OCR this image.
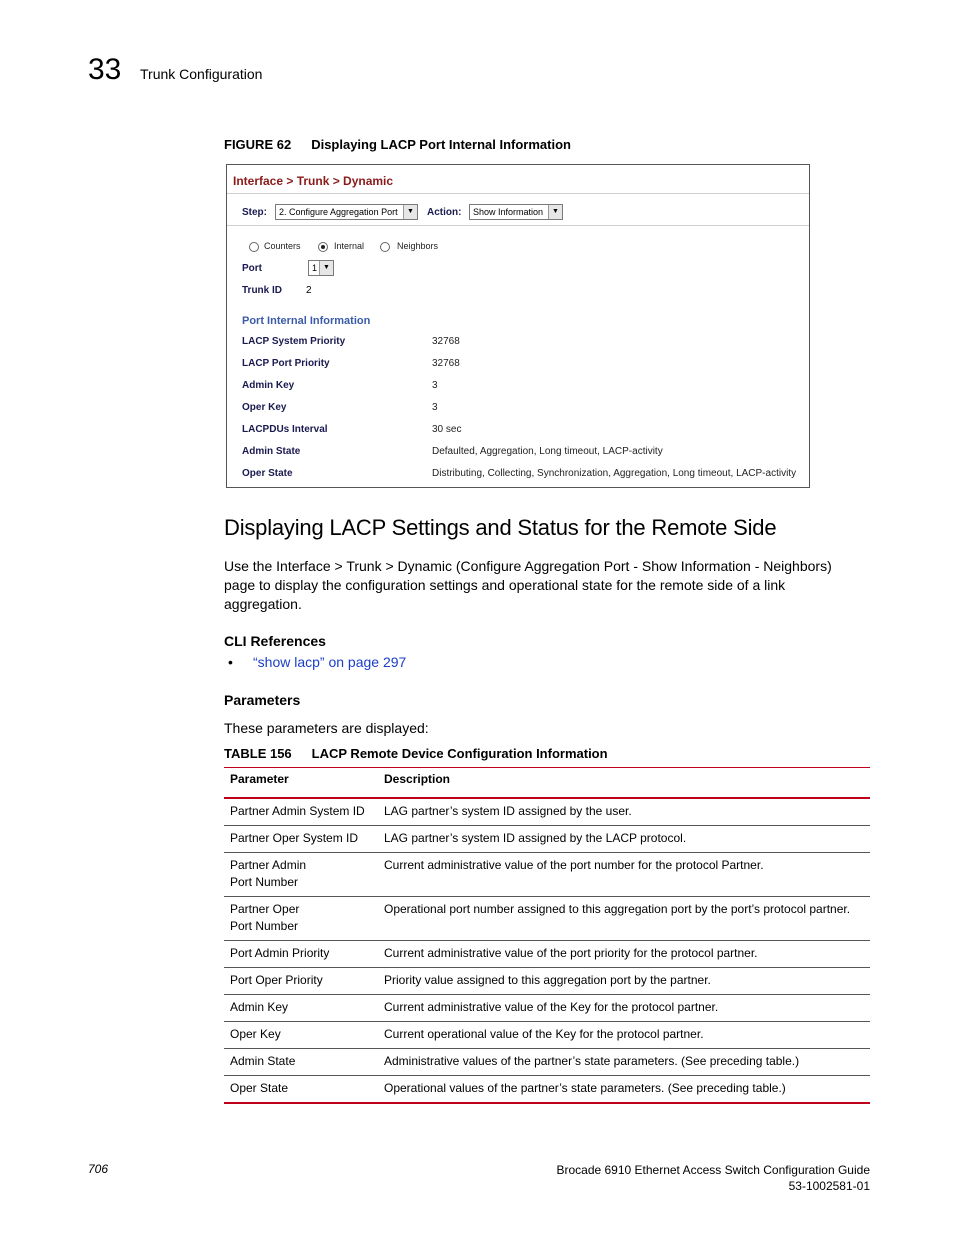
33 Trunk Configuration
FIGURE 62 Displaying LACP Port Internal Information
Interface > Trunk > Dynamic
Step:	2. Configure Aggregation Port	▼	Action:	Show Information	▼
Counters	Internal	Neighbors
Port	1 ▼
Trunk ID 2
Port Internal Information
LACP System Priority	32768
LACP Port Priority	32768
Admin Key	3
Oper Key	3
LACPDUs Interval	30 sec
Admin State	Defaulted, Aggregation, Long timeout, LACP-activity
Oper State	Distributing, Collecting, Synchronization, Aggregation, Long timeout, LACP-activity
Displaying LACP Settings and Status for the Remote Side
Use the Interface > Trunk > Dynamic (Configure Aggregation Port - Show Information - Neighbors) page to display the configuration settings and operational state for the remote side of a link aggregation.
CLI References
• “show lacp” on page 297
Parameters
These parameters are displayed:
TABLE 156 LACP Remote Device Configuration Information
Parameter	Description
Partner Admin System ID	LAG partner’s system ID assigned by the user.
Partner Oper System ID	LAG partner’s system ID assigned by the LACP protocol.
Partner Admin
Port Number	Current administrative value of the port number for the protocol Partner.
Partner Oper
Port Number	Operational port number assigned to this aggregation port by the port’s protocol partner.
Port Admin Priority	Current administrative value of the port priority for the protocol partner.
Port Oper Priority	Priority value assigned to this aggregation port by the partner.
Admin Key	Current administrative value of the Key for the protocol partner.
Oper Key	Current operational value of the Key for the protocol partner.
Admin State	Administrative values of the partner’s state parameters. (See preceding table.)
Oper State	Operational values of the partner’s state parameters. (See preceding table.)
706	Brocade 6910 Ethernet Access Switch Configuration Guide
53-1002581-01
